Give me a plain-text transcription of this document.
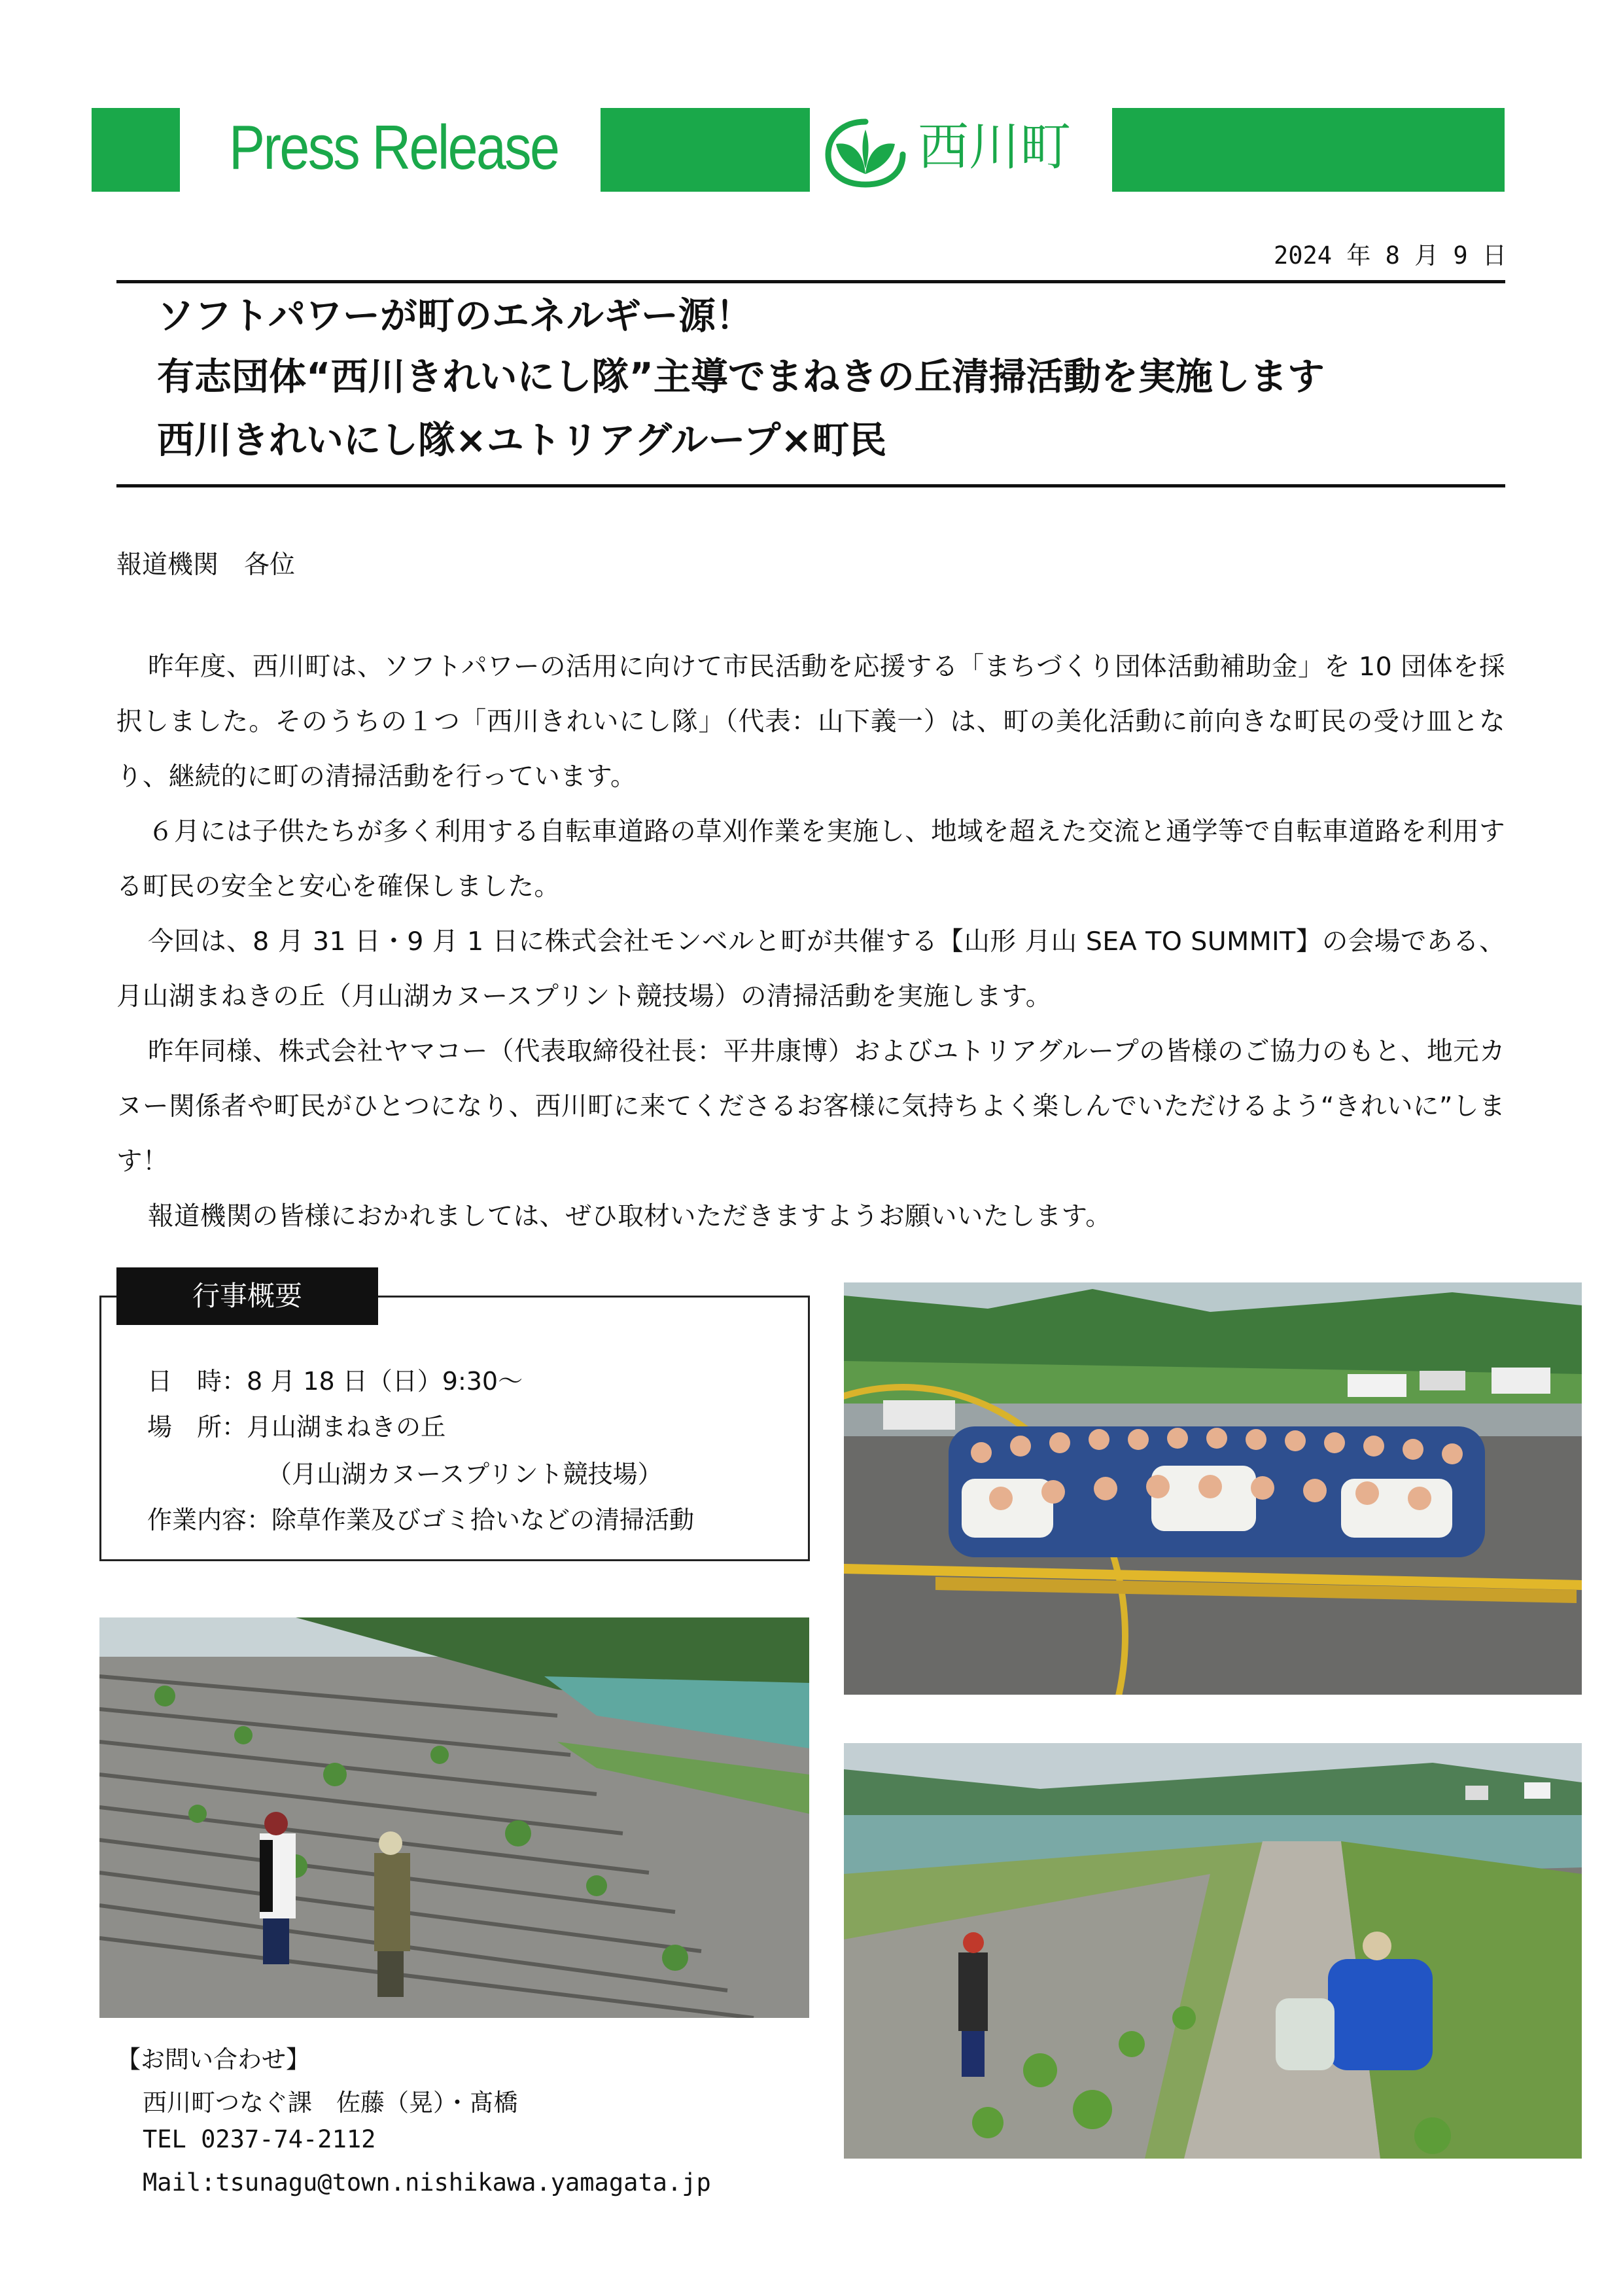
Press Release	西川町
2024 年 8 月 9 日
ソフトパワーが町のエネルギー源！
有志団体“西川きれいにし隊”主導でまねきの丘清掃活動を実施します
西川きれいにし隊×ユトリアグループ×町民
報道機関　各位

昨年度、西川町は、ソフトパワーの活用に向けて市民活動を応援する「まちづくり団体活動補助金」を 10 団体を採択しました。そのうちの１つ「西川きれいにし隊」（代表：山下義一）は、町の美化活動に前向きな町民の受け皿となり、継続的に町の清掃活動を行っています。

６月には子供たちが多く利用する自転車道路の草刈作業を実施し、地域を超えた交流と通学等で自転車道路を利用する町民の安全と安心を確保しました。

今回は、8 月 31 日・9 月 1 日に株式会社モンベルと町が共催する【山形 月山 SEA TO SUMMIT】の会場である、月山湖まねきの丘（月山湖カヌースプリント競技場）の清掃活動を実施します。

昨年同様、株式会社ヤマコー（代表取締役社長：平井康博）およびユトリアグループの皆様のご協力のもと、地元カヌー関係者や町民がひとつになり、西川町に来てくださるお客様に気持ちよく楽しんでいただけるよう“きれいに”します！

報道機関の皆様におかれましては、ぜひ取材いただきますようお願いいたします。

行事概要
日　時：8 月 18 日（日）9:30～
場　所：月山湖まねきの丘
（月山湖カヌースプリント競技場）
作業内容：除草作業及びゴミ拾いなどの清掃活動
【お問い合わせ】
西川町つなぐ課　佐藤（晃）・髙橋
TEL 0237-74-2112
Mail:tsunagu@town.nishikawa.yamagata.jp
